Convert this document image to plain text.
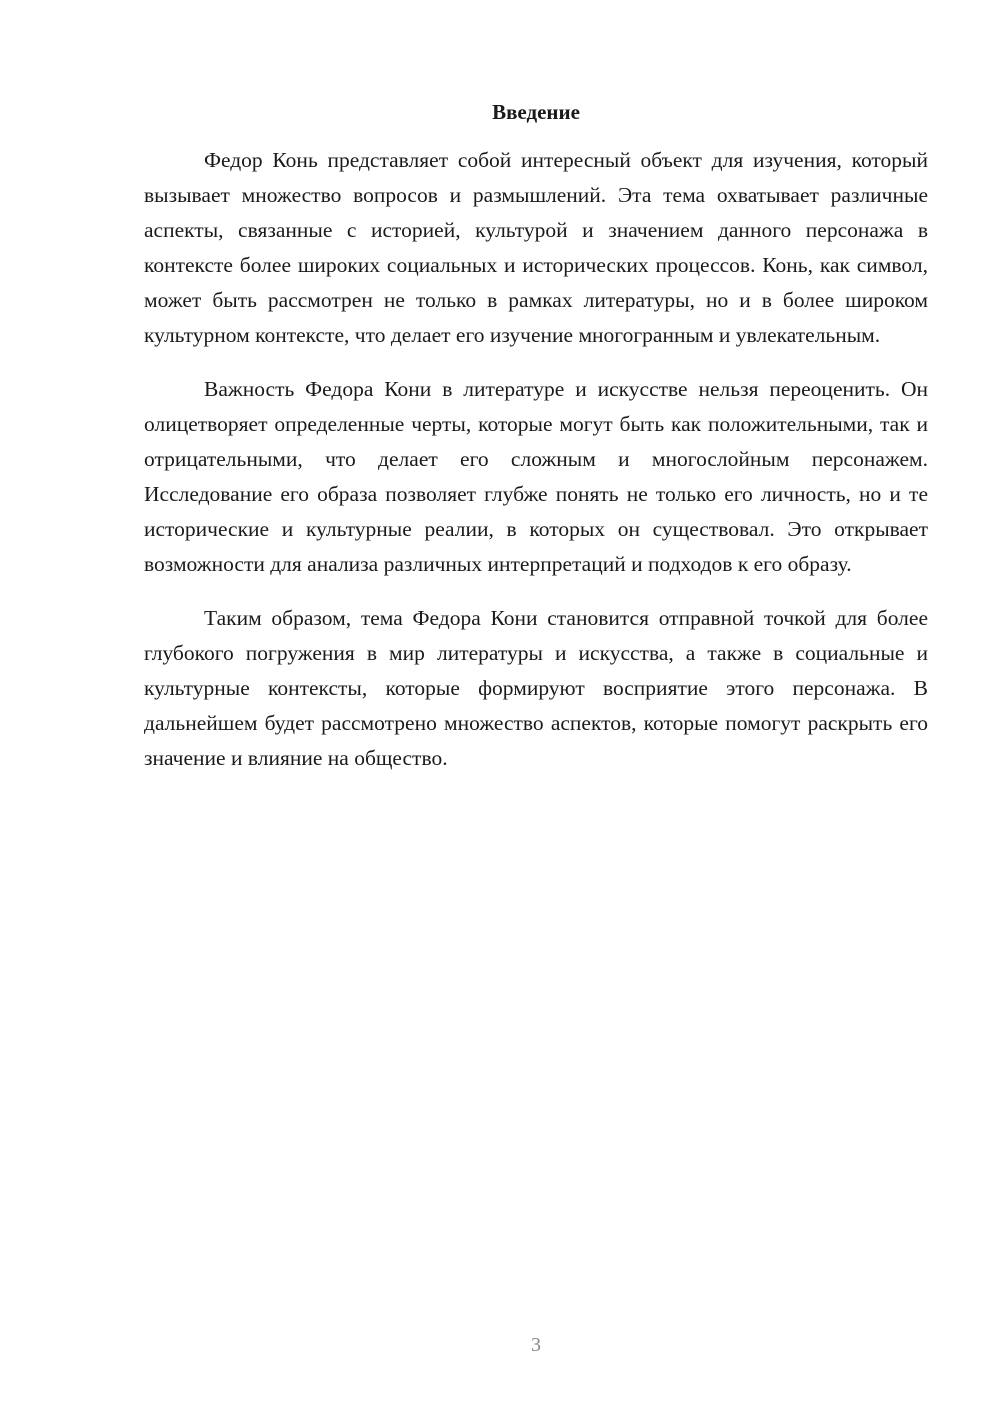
Введение

Федор Конь представляет собой интересный объект для изучения, который вызывает множество вопросов и размышлений. Эта тема охватывает различные аспекты, связанные с историей, культурой и значением данного персонажа в контексте более широких социальных и исторических процессов. Конь, как символ, может быть рассмотрен не только в рамках литературы, но и в более широком культурном контексте, что делает его изучение многогранным и увлекательным.

Важность Федора Кони в литературе и искусстве нельзя переоценить. Он олицетворяет определенные черты, которые могут быть как положительными, так и отрицательными, что делает его сложным и многослойным персонажем. Исследование его образа позволяет глубже понять не только его личность, но и те исторические и культурные реалии, в которых он существовал. Это открывает возможности для анализа различных интерпретаций и подходов к его образу.

Таким образом, тема Федора Кони становится отправной точкой для более глубокого погружения в мир литературы и искусства, а также в социальные и культурные контексты, которые формируют восприятие этого персонажа. В дальнейшем будет рассмотрено множество аспектов, которые помогут раскрыть его значение и влияние на общество.

3
